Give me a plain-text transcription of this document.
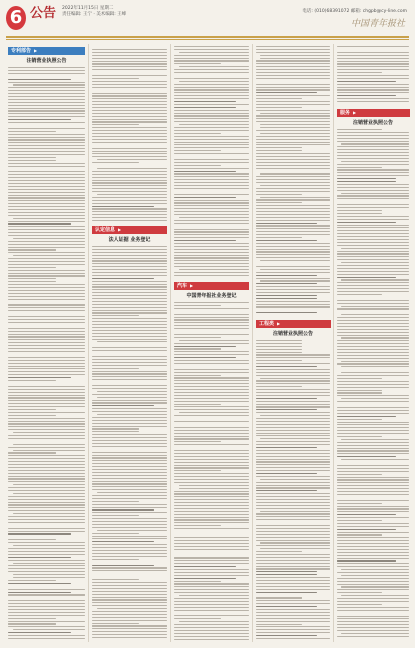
6 公告 2022年11月15日 星期二
责任编辑: 王宁 · 美术编辑: 王峰
电话: (010)68391072 邮箱: chgpb@cy-line.com
中国青年报社
专利部告 ▶
注销营业执照公告
认定信息 ▶
法人证据 业务登记
汽车 ▶
中国青年报社业务登记
工程类 ▶
注销营业执照公告
服务 ▶
注销营业执照公告
